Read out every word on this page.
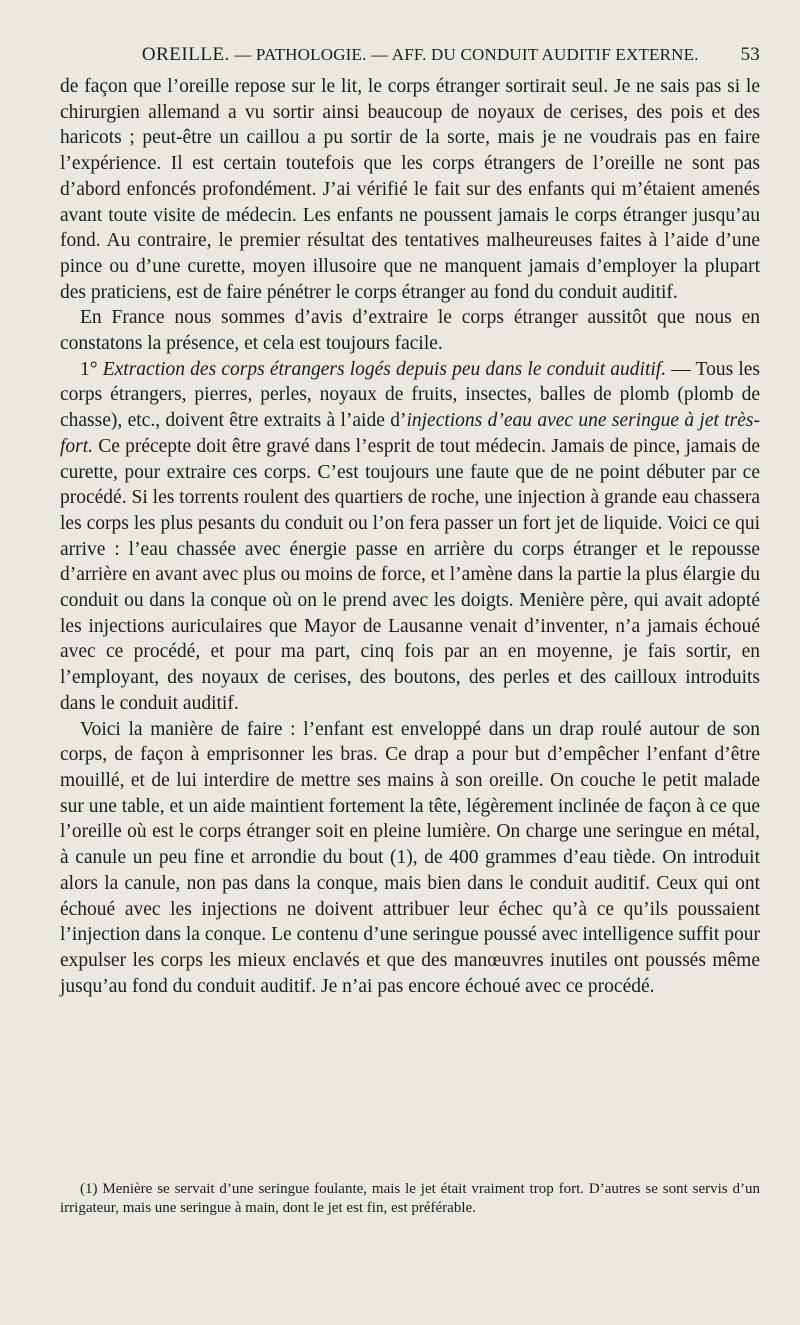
OREILLE. — PATHOLOGIE. — AFF. DU CONDUIT AUDITIF EXTERNE.	53

de façon que l’oreille repose sur le lit, le corps étranger sortirait seul. Je ne sais pas si le chirurgien allemand a vu sortir ainsi beaucoup de noyaux de cerises, des pois et des haricots ; peut-être un caillou a pu sortir de la sorte, mais je ne voudrais pas en faire l’expérience. Il est certain toutefois que les corps étrangers de l’oreille ne sont pas d’abord enfoncés profondément. J’ai vérifié le fait sur des enfants qui m’étaient amenés avant toute visite de médecin. Les enfants ne poussent jamais le corps étranger jusqu’au fond. Au contraire, le premier résultat des tentatives malheureuses faites à l’aide d’une pince ou d’une curette, moyen illusoire que ne manquent jamais d’employer la plupart des praticiens, est de faire pénétrer le corps étranger au fond du conduit auditif.

En France nous sommes d’avis d’extraire le corps étranger aussitôt que nous en constatons la présence, et cela est toujours facile.

1° Extraction des corps étrangers logés depuis peu dans le conduit auditif. — Tous les corps étrangers, pierres, perles, noyaux de fruits, insectes, balles de plomb (plomb de chasse), etc., doivent être extraits à l’aide d’injections d’eau avec une seringue à jet très-fort. Ce précepte doit être gravé dans l’esprit de tout médecin. Jamais de pince, jamais de curette, pour extraire ces corps. C’est toujours une faute que de ne point débuter par ce procédé. Si les torrents roulent des quartiers de roche, une injection à grande eau chassera les corps les plus pesants du conduit ou l’on fera passer un fort jet de liquide. Voici ce qui arrive : l’eau chassée avec énergie passe en arrière du corps étranger et le repousse d’arrière en avant avec plus ou moins de force, et l’amène dans la partie la plus élargie du conduit ou dans la conque où on le prend avec les doigts. Menière père, qui avait adopté les injections auriculaires que Mayor de Lausanne venait d’inventer, n’a jamais échoué avec ce procédé, et pour ma part, cinq fois par an en moyenne, je fais sortir, en l’employant, des noyaux de cerises, des boutons, des perles et des cailloux introduits dans le conduit auditif.

Voici la manière de faire : l’enfant est enveloppé dans un drap roulé autour de son corps, de façon à emprisonner les bras. Ce drap a pour but d’empêcher l’enfant d’être mouillé, et de lui interdire de mettre ses mains à son oreille. On couche le petit malade sur une table, et un aide maintient fortement la tête, légèrement inclinée de façon à ce que l’oreille où est le corps étranger soit en pleine lumière. On charge une seringue en métal, à canule un peu fine et arrondie du bout (1), de 400 grammes d’eau tiède. On introduit alors la canule, non pas dans la conque, mais bien dans le conduit auditif. Ceux qui ont échoué avec les injections ne doivent attribuer leur échec qu’à ce qu’ils poussaient l’injection dans la conque. Le contenu d’une seringue poussé avec intelligence suffit pour expulser les corps les mieux enclavés et que des manœuvres inutiles ont poussés même jusqu’au fond du conduit auditif. Je n’ai pas encore échoué avec ce procédé.

(1) Menière se servait d’une seringue foulante, mais le jet était vraiment trop fort. D’autres se sont servis d’un irrigateur, mais une seringue à main, dont le jet est fin, est préférable.
